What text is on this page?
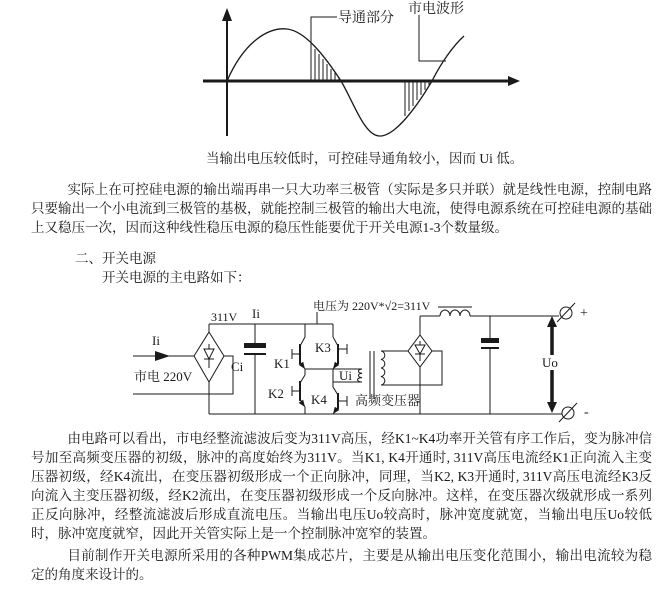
导通部分
市电波形
当输出电压较低时，可控硅导通角较小，因而 Ui 低。

实际上在可控硅电源的输出端再串一只大功率三极管（实际是多只并联）就是线性电源，控制电路只要输出一个小电流到三极管的基极，就能控制三极管的输出大电流，使得电源系统在可控硅电源的基础上又稳压一次，因而这种线性稳压电源的稳压性能要优于开关电源1-3个数量级。

二、开关电源

开关电源的主电路如下：

Ii
市电 220V
311V Ii	电压为 220V*√2=311V
Ci K1
K2
K3
K4
Ui
高频变压器
Uo
+
-

由电路可以看出，市电经整流滤波后变为311V高压，经K1~K4功率开关管有序工作后，变为脉冲信号加至高频变压器的初级，脉冲的高度始终为311V。当K1, K4开通时, 311V高压电流经K1正向流入主变压器初级，经K4流出，在变压器初级形成一个正向脉冲，同理，当K2, K3开通时, 311V高压电流经K3反向流入主变压器初级，经K2流出，在变压器初级形成一个反向脉冲。这样，在变压器次级就形成一系列正反向脉冲，经整流滤波后形成直流电压。当输出电压Uo较高时，脉冲宽度就宽，当输出电压Uo较低时，脉冲宽度就窄，因此开关管实际上是一个控制脉冲宽窄的装置。

目前制作开关电源所采用的各种PWM集成芯片，主要是从输出电压变化范围小，输出电流较为稳定的角度来设计的。
